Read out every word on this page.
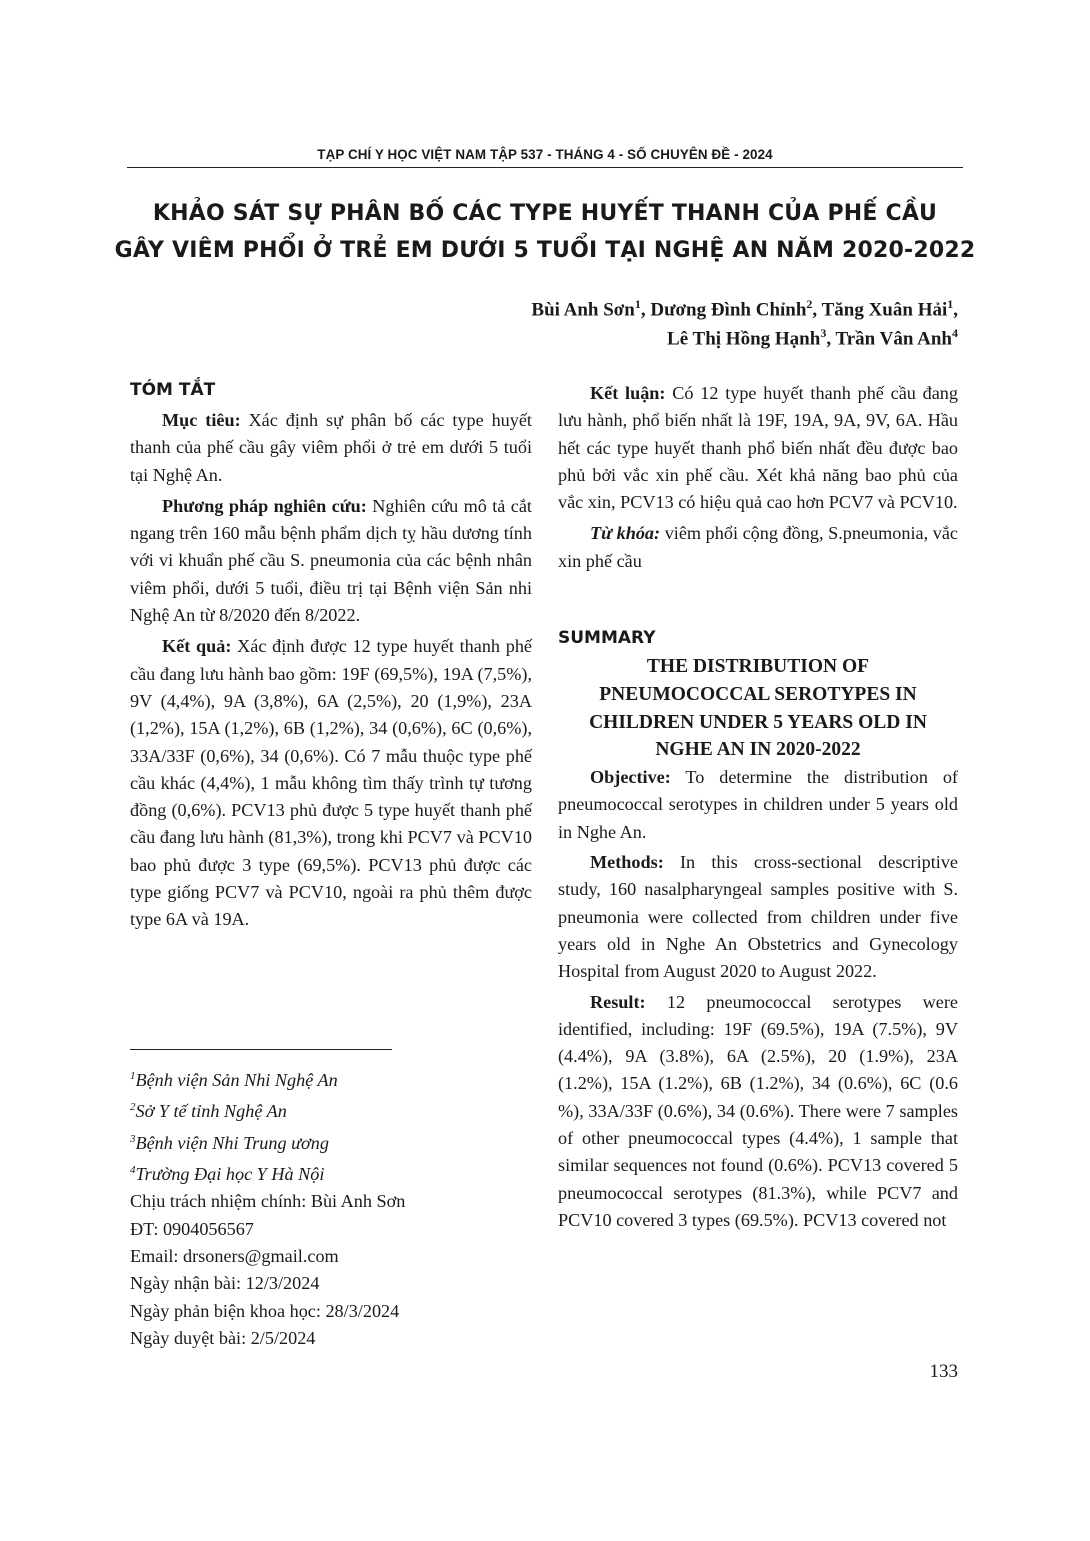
TẠP CHÍ Y HỌC VIỆT NAM TẬP 537 - THÁNG 4 - SỐ CHUYÊN ĐỀ - 2024
KHẢO SÁT SỰ PHÂN BỐ CÁC TYPE HUYẾT THANH CỦA PHẾ CẦU
GÂY VIÊM PHỔI Ở TRẺ EM DƯỚI 5 TUỔI TẠI NGHỆ AN NĂM 2020-2022
Bùi Anh Sơn$^1$, Dương Đình Chỉnh$^2$, Tăng Xuân Hải$^1$,
Lê Thị Hồng Hạnh$^3$, Trần Vân Anh$^4$
TÓM TẮT

Mục tiêu: Xác định sự phân bố các type huyết thanh của phế cầu gây viêm phổi ở trẻ em dưới 5 tuổi tại Nghệ An.

Phương pháp nghiên cứu: Nghiên cứu mô tả cắt ngang trên 160 mẫu bệnh phẩm dịch tỵ hầu dương tính với vi khuẩn phế cầu S. pneumonia của các bệnh nhân viêm phổi, dưới 5 tuổi, điều trị tại Bệnh viện Sản nhi Nghệ An từ 8/2020 đến 8/2022.

Kết quả: Xác định được 12 type huyết thanh phế cầu đang lưu hành bao gồm: 19F (69,5%), 19A (7,5%), 9V (4,4%), 9A (3,8%), 6A (2,5%), 20 (1,9%), 23A (1,2%), 15A (1,2%), 6B (1,2%), 34 (0,6%), 6C (0,6%), 33A/33F (0,6%), 34 (0,6%). Có 7 mẫu thuộc type phế cầu khác (4,4%), 1 mẫu không tìm thấy trình tự tương đồng (0,6%). PCV13 phủ được 5 type huyết thanh phế cầu đang lưu hành (81,3%), trong khi PCV7 và PCV10 bao phủ được 3 type (69,5%). PCV13 phủ được các type giống PCV7 và PCV10, ngoài ra phủ thêm được type 6A và 19A.

Kết luận: Có 12 type huyết thanh phế cầu đang lưu hành, phổ biến nhất là 19F, 19A, 9A, 9V, 6A. Hầu hết các type huyết thanh phổ biến nhất đều được bao phủ bởi vắc xin phế cầu. Xét khả năng bao phủ của vắc xin, PCV13 có hiệu quả cao hơn PCV7 và PCV10.

Từ khóa: viêm phổi cộng đồng, S.pneumonia, vắc xin phế cầu

SUMMARY
THE DISTRIBUTION OF
PNEUMOCOCCAL SEROTYPES IN
CHILDREN UNDER 5 YEARS OLD IN
NGHE AN IN 2020-2022

Objective: To determine the distribution of pneumococcal serotypes in children under 5 years old in Nghe An.

Methods: In this cross-sectional descriptive study, 160 nasalpharyngeal samples positive with S. pneumonia were collected from children under five years old in Nghe An Obstetrics and Gynecology Hospital from August 2020 to August 2022.

Result: 12 pneumococcal serotypes were identified, including: 19F (69.5%), 19A (7.5%), 9V (4.4%), 9A (3.8%), 6A (2.5%), 20 (1.9%), 23A (1.2%), 15A (1.2%), 6B (1.2%), 34 (0.6%), 6C (0.6 %), 33A/33F (0.6%), 34 (0.6%). There were 7 samples of other pneumococcal types (4.4%), 1 sample that similar sequences not found (0.6%). PCV13 covered 5 pneumococcal serotypes (81.3%), while PCV7 and PCV10 covered 3 types (69.5%). PCV13 covered not

$^1$Bệnh viện Sản Nhi Nghệ An
$^2$Sở Y tế tỉnh Nghệ An
$^3$Bệnh viện Nhi Trung ương
$^4$Trường Đại học Y Hà Nội
Chịu trách nhiệm chính: Bùi Anh Sơn
ĐT: 0904056567
Email: drsoners@gmail.com
Ngày nhận bài: 12/3/2024
Ngày phản biện khoa học: 28/3/2024
Ngày duyệt bài: 2/5/2024
133
